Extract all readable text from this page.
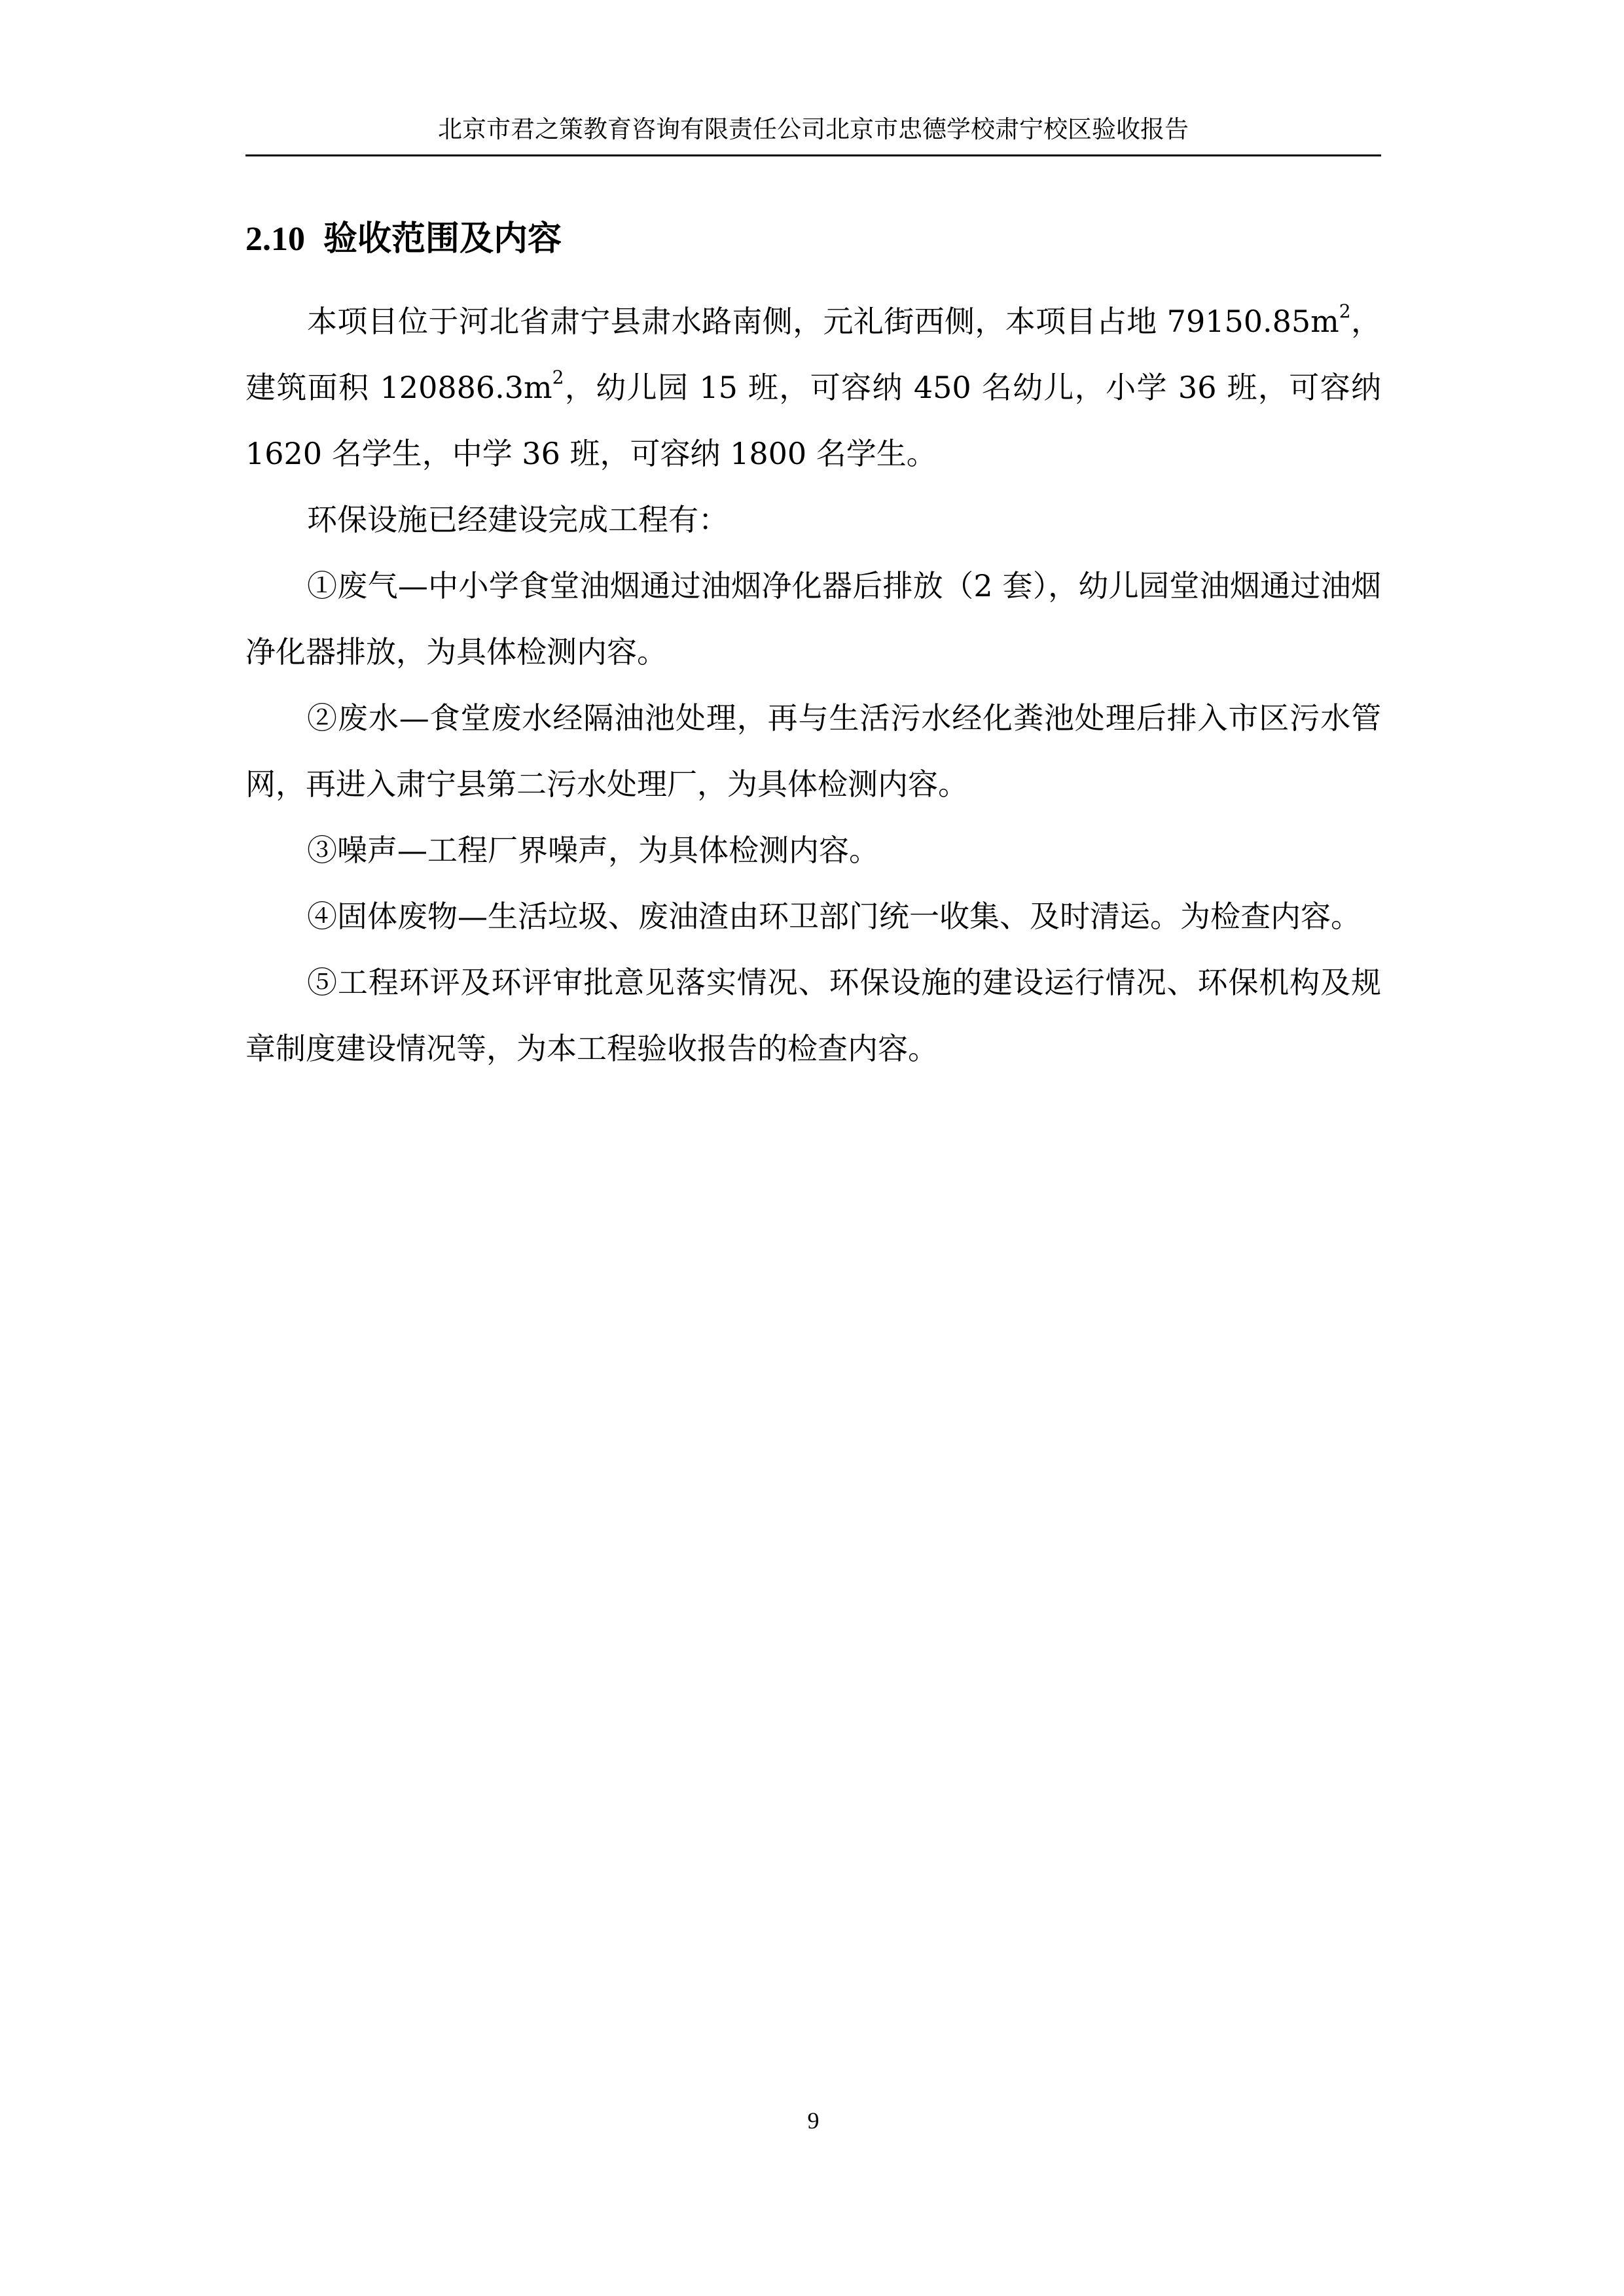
北京市君之策教育咨询有限责任公司北京市忠德学校肃宁校区验收报告
2.10 验收范围及内容

本项目位于河北省肃宁县肃水路南侧，元礼街西侧，本项目占地 $79150.85m^2$，建筑面积 $120886.3m^2$，幼儿园 15 班，可容纳 450 名幼儿，小学 36 班，可容纳 1620 名学生，中学 36 班，可容纳 1800 名学生。

环保设施已经建设完成工程有：

①废气—中小学食堂油烟通过油烟净化器后排放（2 套），幼儿园堂油烟通过油烟净化器排放，为具体检测内容。

②废水—食堂废水经隔油池处理，再与生活污水经化粪池处理后排入市区污水管网，再进入肃宁县第二污水处理厂，为具体检测内容。

③噪声—工程厂界噪声，为具体检测内容。

④固体废物—生活垃圾、废油渣由环卫部门统一收集、及时清运。为检查内容。

⑤工程环评及环评审批意见落实情况、环保设施的建设运行情况、环保机构及规章制度建设情况等，为本工程验收报告的检查内容。

9
